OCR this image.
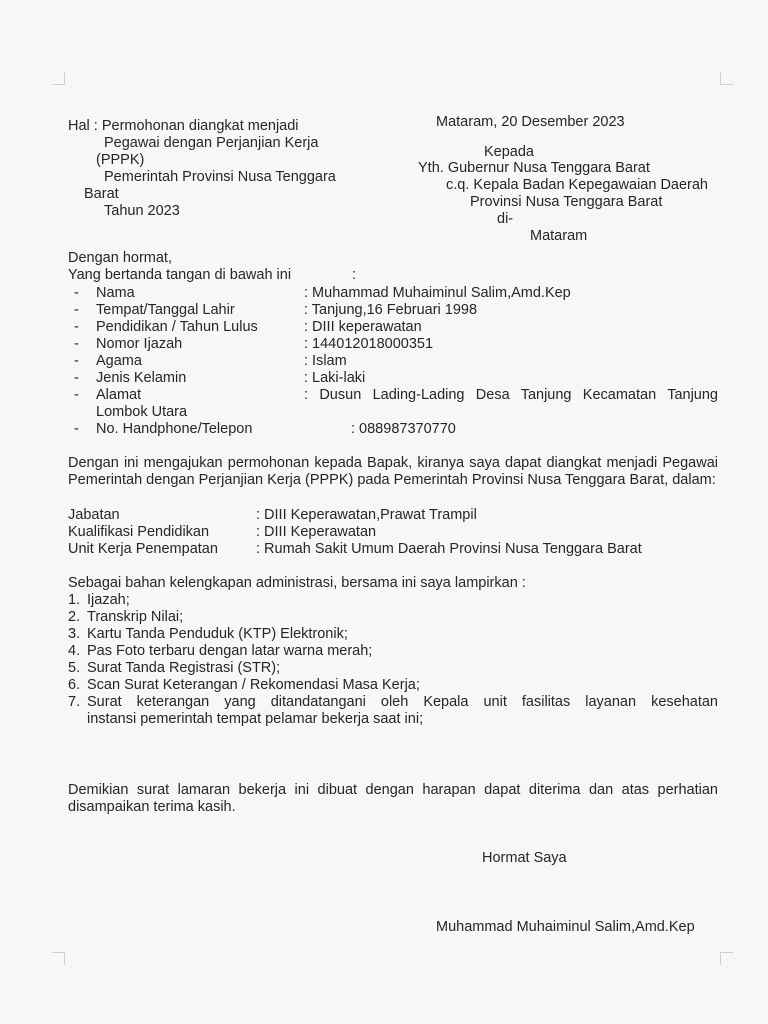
Hal : Permohonan diangkat menjadi
Pegawai dengan Perjanjian Kerja
(PPPK)
Pemerintah Provinsi Nusa Tenggara
Barat
Tahun 2023
Mataram, 20 Desember 2023
Kepada
Yth. Gubernur Nusa Tenggara Barat
c.q. Kepala Badan Kepegawaian Daerah
Provinsi Nusa Tenggara Barat
di-
Mataram
Dengan hormat,
Yang bertanda tangan di bawah ini	:
- Nama	: Muhammad Muhaiminul Salim,Amd.Kep
- Tempat/Tanggal Lahir	: Tanjung,16 Februari 1998
- Pendidikan / Tahun Lulus	: DIII keperawatan
- Nomor Ijazah	: 144012018000351
- Agama	: Islam
- Jenis Kelamin	: Laki-laki
- Alamat	: Dusun Lading-Lading Desa Tanjung Kecamatan Tanjung
Lombok Utara
- No. Handphone/Telepon	: 088987370770
Dengan ini mengajukan permohonan kepada Bapak, kiranya saya dapat diangkat menjadi Pegawai Pemerintah dengan Perjanjian Kerja (PPPK) pada Pemerintah Provinsi Nusa Tenggara Barat, dalam:
Jabatan	: DIII Keperawatan,Prawat Trampil
Kualifikasi Pendidikan	: DIII Keperawatan
Unit Kerja Penempatan	: Rumah Sakit Umum Daerah Provinsi Nusa Tenggara Barat
Sebagai bahan kelengkapan administrasi, bersama ini saya lampirkan :
1. Ijazah;
2. Transkrip Nilai;
3. Kartu Tanda Penduduk (KTP) Elektronik;
4. Pas Foto terbaru dengan latar warna merah;
5. Surat Tanda Registrasi (STR);
6. Scan Surat Keterangan / Rekomendasi Masa Kerja;
7. Surat keterangan yang ditandatangani oleh Kepala unit fasilitas layanan kesehatan
instansi pemerintah tempat pelamar bekerja saat ini;
Demikian surat lamaran bekerja ini dibuat dengan harapan dapat diterima dan atas perhatian disampaikan terima kasih.
Hormat Saya
Muhammad Muhaiminul Salim,Amd.Kep
